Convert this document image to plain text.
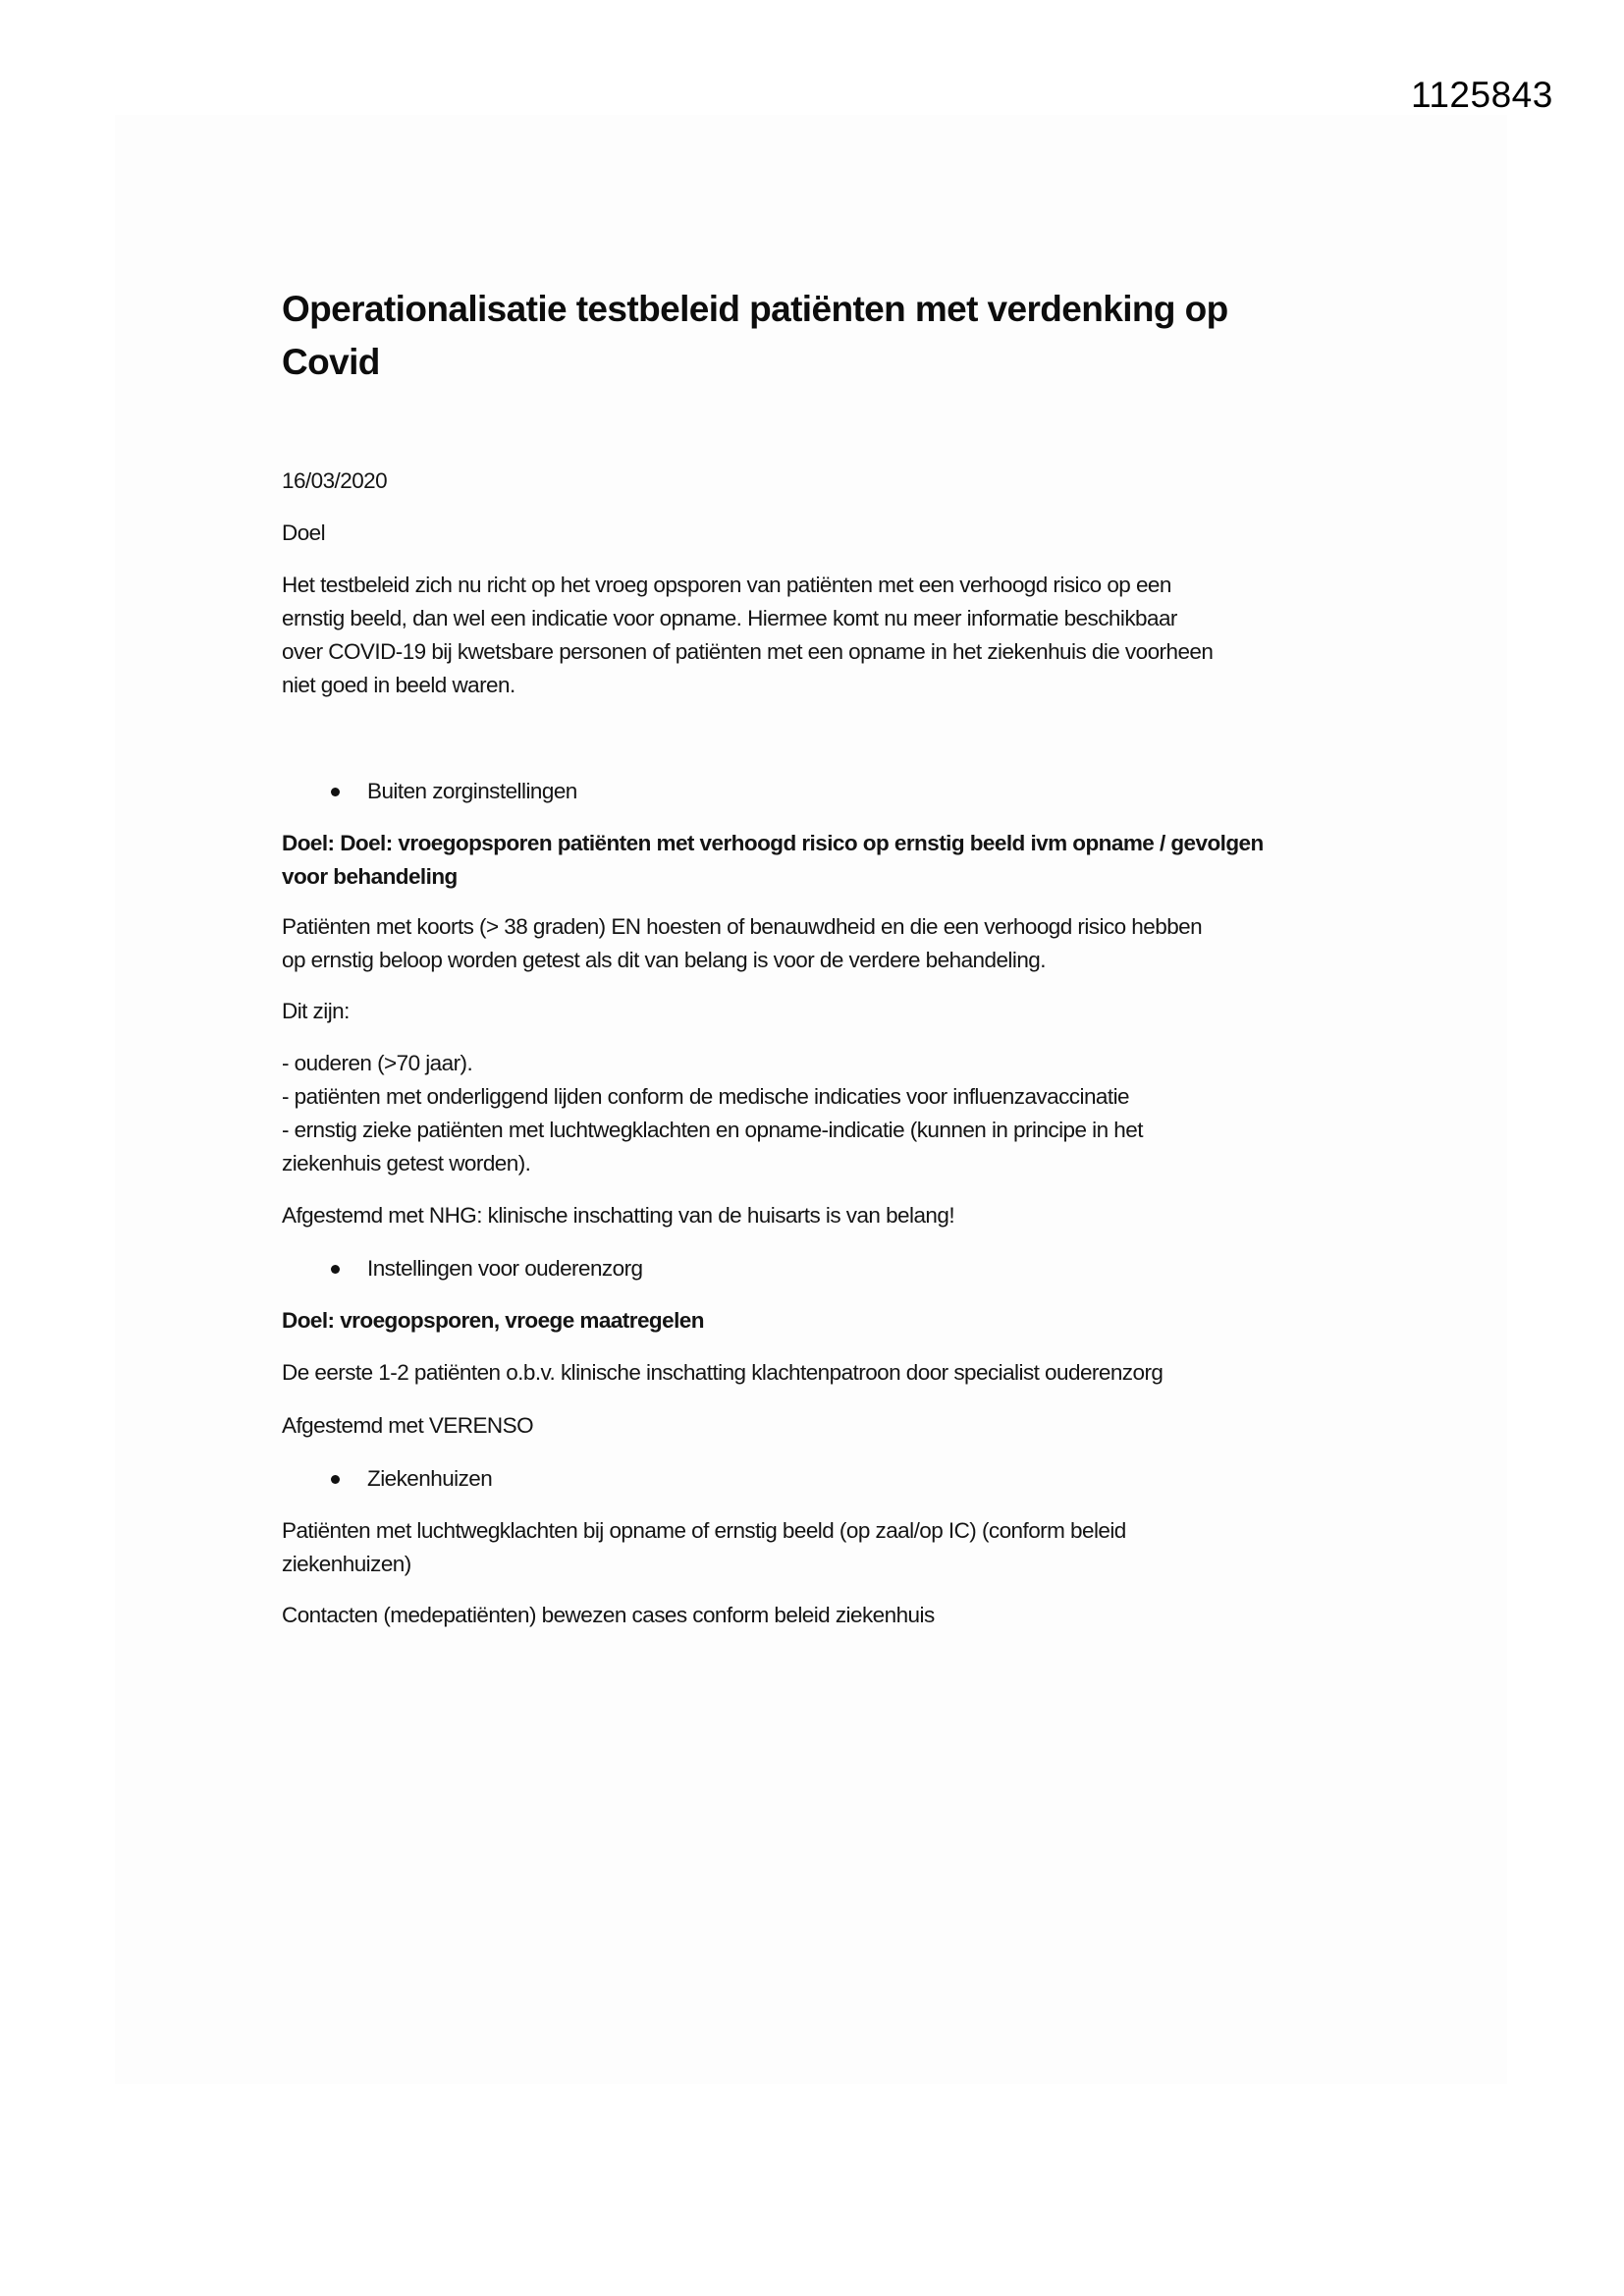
1125843
Operationalisatie testbeleid patiënten met verdenking op
Covid
16/03/2020
Doel
Het testbeleid zich nu richt op het vroeg opsporen van patiënten met een verhoogd risico op een
ernstig beeld, dan wel een indicatie voor opname. Hiermee komt nu meer informatie beschikbaar
over COVID-19 bij kwetsbare personen of patiënten met een opname in het ziekenhuis die voorheen
niet goed in beeld waren.
Buiten zorginstellingen
Doel: Doel: vroegopsporen patiënten met verhoogd risico op ernstig beeld ivm opname / gevolgen
voor behandeling
Patiënten met koorts (> 38 graden) EN hoesten of benauwdheid en die een verhoogd risico hebben
op ernstig beloop worden getest als dit van belang is voor de verdere behandeling.
Dit zijn:
- ouderen (>70 jaar).
- patiënten met onderliggend lijden conform de medische indicaties voor influenzavaccinatie
- ernstig zieke patiënten met luchtwegklachten en opname-indicatie (kunnen in principe in het
ziekenhuis getest worden).
Afgestemd met NHG: klinische inschatting van de huisarts is van belang!
Instellingen voor ouderenzorg
Doel: vroegopsporen, vroege maatregelen
De eerste 1-2 patiënten o.b.v. klinische inschatting klachtenpatroon door specialist ouderenzorg
Afgestemd met VERENSO
Ziekenhuizen
Patiënten met luchtwegklachten bij opname of ernstig beeld (op zaal/op IC) (conform beleid
ziekenhuizen)
Contacten (medepatiënten) bewezen cases conform beleid ziekenhuis
